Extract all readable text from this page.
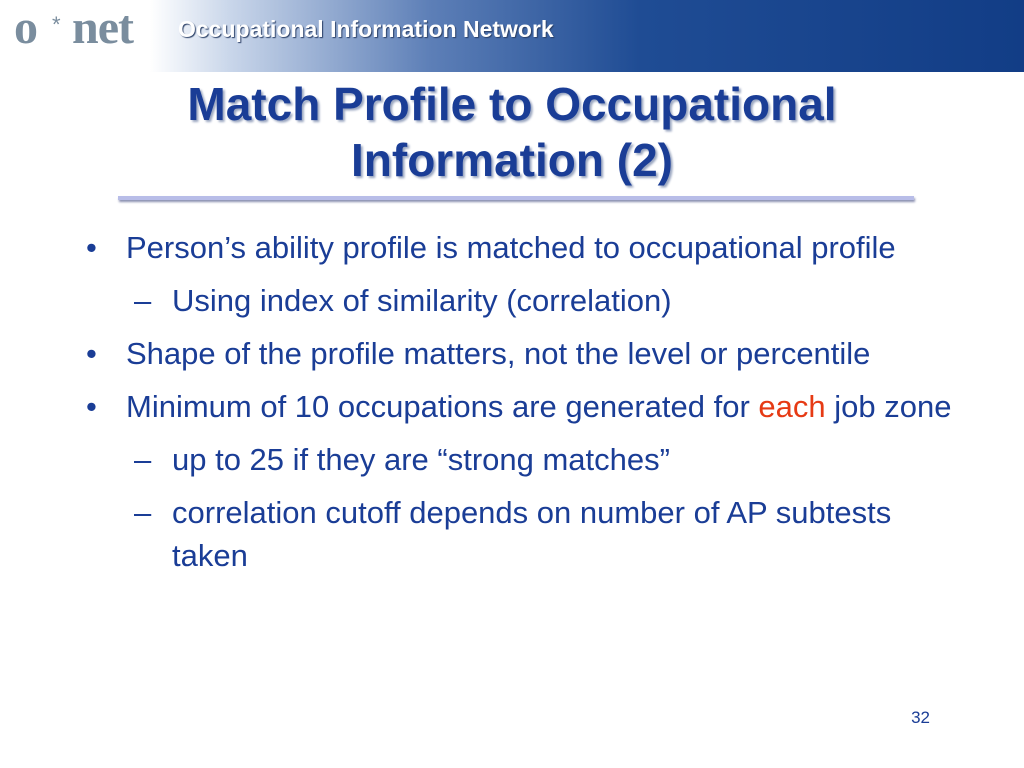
o * net Occupational Information Network
Match Profile to Occupational Information (2)
• Person’s ability profile is matched to occupational profile
– Using index of similarity (correlation)
• Shape of the profile matters, not the level or percentile
• Minimum of 10 occupations are generated for each job zone
– up to 25 if they are “strong matches”
– correlation cutoff depends on number of AP subtests taken
32
